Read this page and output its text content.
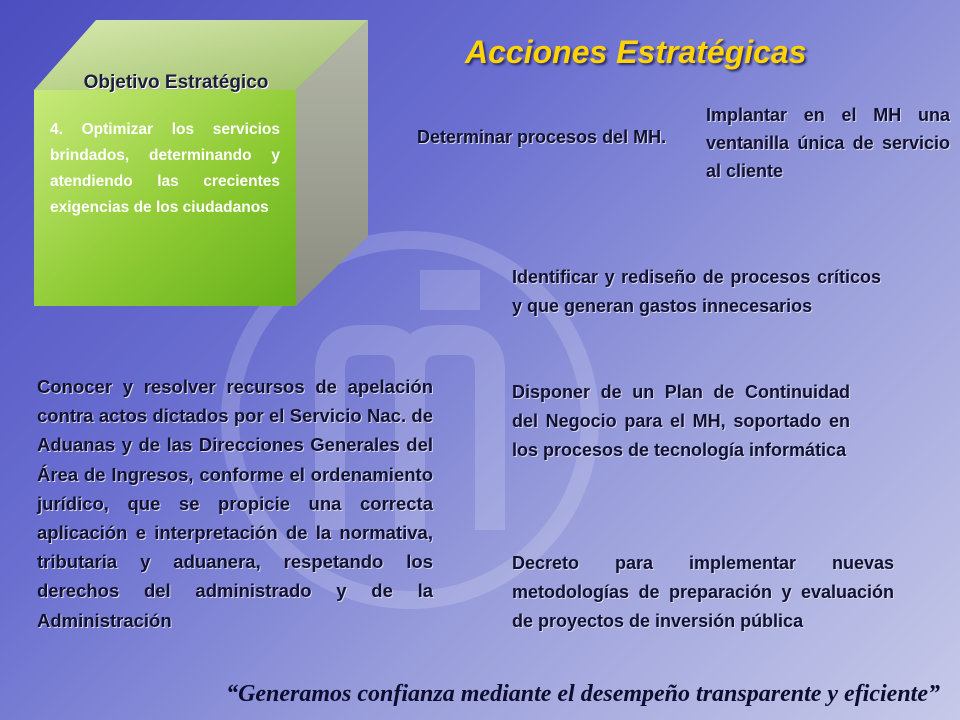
Objetivo Estratégico
4. Optimizar los servicios brindados, determinando y atendiendo las crecientes exigencias de los ciudadanos
Acciones Estratégicas
Determinar procesos del MH.
Implantar en el MH una ventanilla única de servicio al cliente
Identificar y rediseño de procesos críticos y que generan gastos innecesarios
Disponer de un Plan de Continuidad del Negocio para el MH, soportado en los procesos de tecnología informática
Decreto para implementar nuevas metodologías de preparación y evaluación de proyectos de inversión pública
Conocer y resolver recursos de apelación contra actos dictados por el Servicio Nac. de Aduanas y de las Direcciones Generales del Área de Ingresos, conforme el ordenamiento jurídico, que se propicie una correcta aplicación e interpretación de la normativa, tributaria y aduanera, respetando los derechos del administrado y de la Administración
“Generamos confianza mediante el desempeño transparente y eficiente”
